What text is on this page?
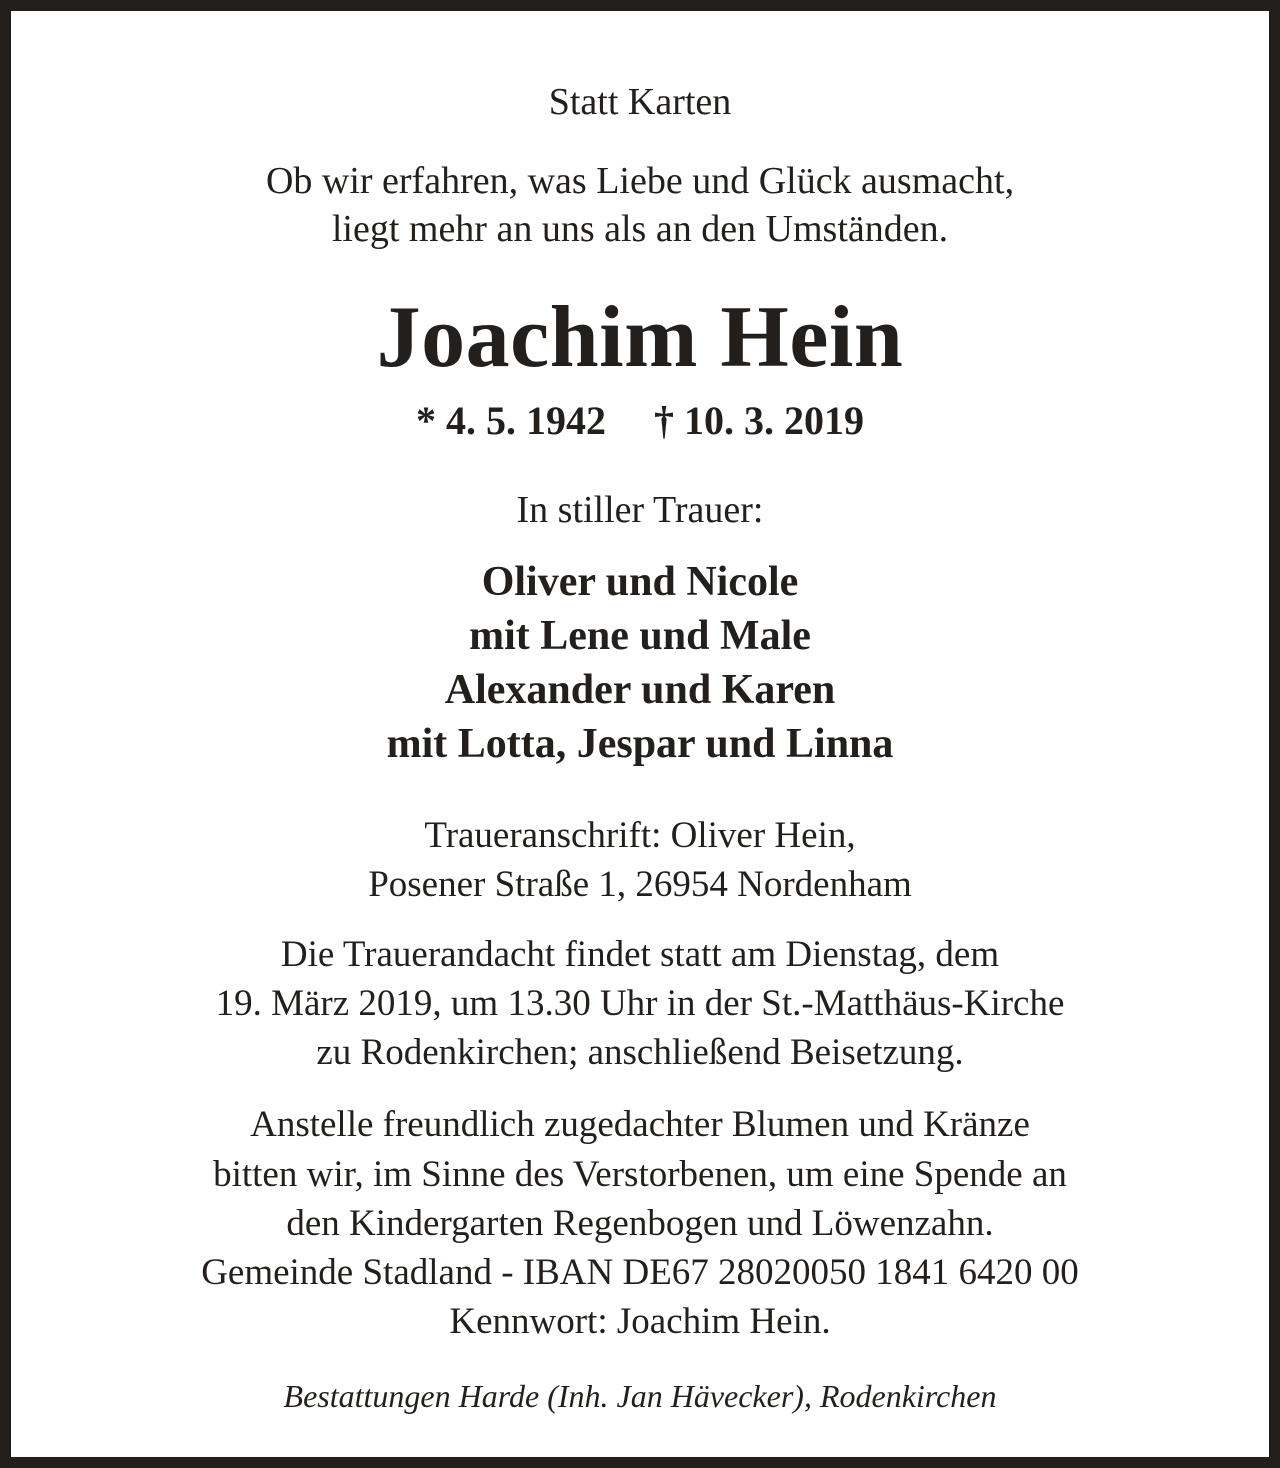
Statt Karten
Ob wir erfahren, was Liebe und Glück ausmacht,
liegt mehr an uns als an den Umständen.
Joachim Hein
* 4. 5. 1942 † 10. 3. 2019
In stiller Trauer:
Oliver und Nicole
mit Lene und Male
Alexander und Karen
mit Lotta, Jespar und Linna
Traueranschrift: Oliver Hein,
Posener Straße 1, 26954 Nordenham
Die Trauerandacht findet statt am Dienstag, dem
19. März 2019, um 13.30 Uhr in der St.-Matthäus-Kirche
zu Rodenkirchen; anschließend Beisetzung.
Anstelle freundlich zugedachter Blumen und Kränze
bitten wir, im Sinne des Verstorbenen, um eine Spende an
den Kindergarten Regenbogen und Löwenzahn.
Gemeinde Stadland - IBAN DE67 28020050 1841 6420 00
Kennwort: Joachim Hein.
Bestattungen Harde (Inh. Jan Hävecker), Rodenkirchen
